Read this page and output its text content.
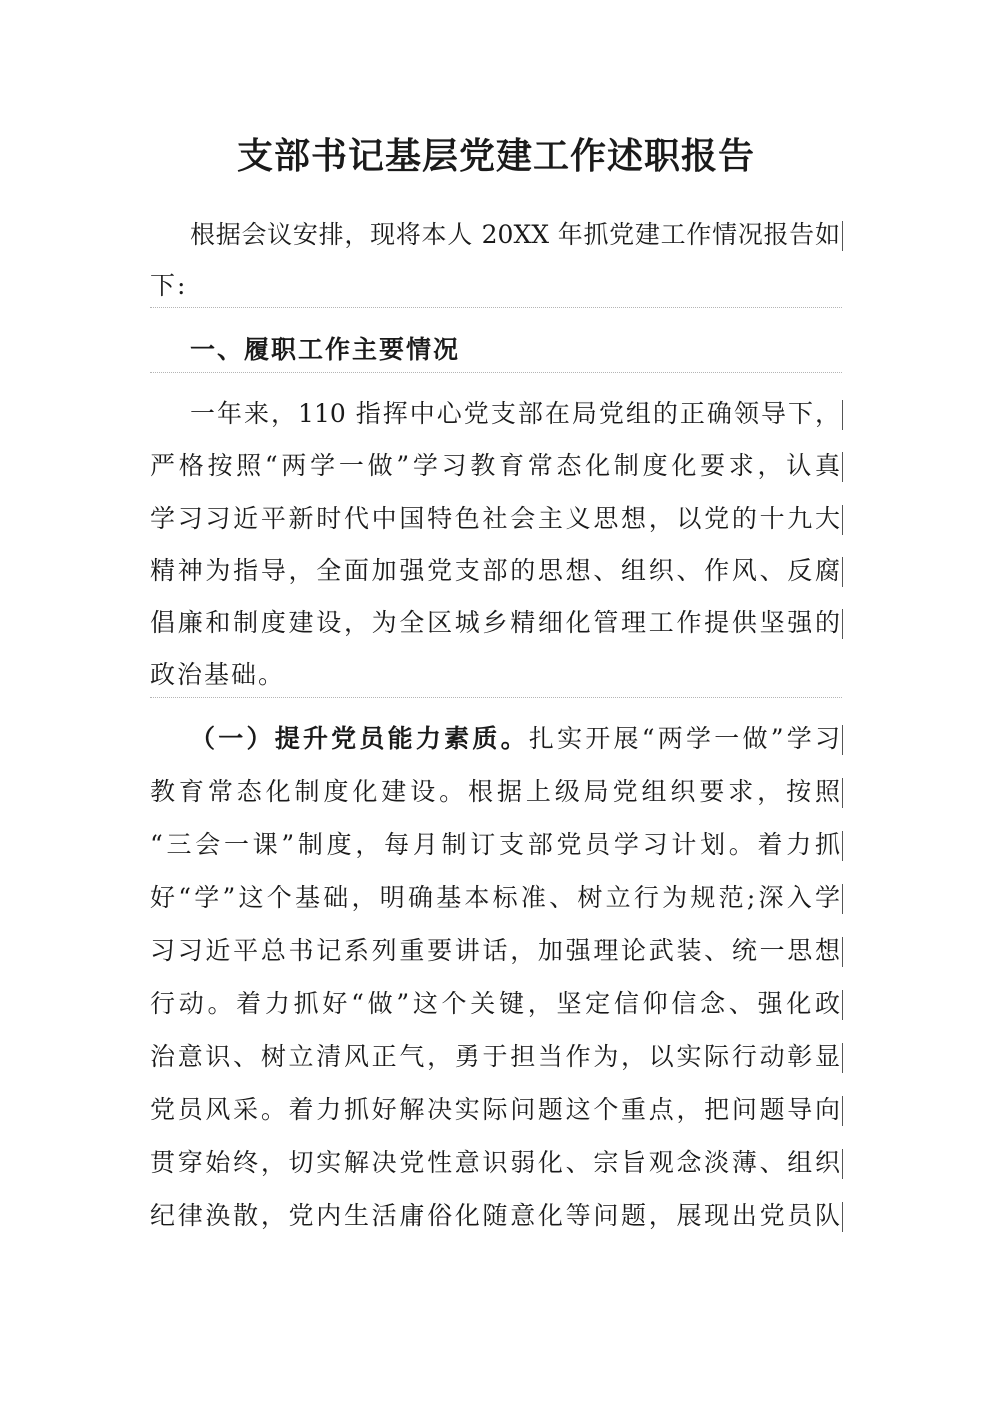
支部书记基层党建工作述职报告
根据会议安排，现将本人 20XX 年抓党建工作情况报告如
下:
一、履职工作主要情况
一年来，110 指挥中心党支部在局党组的正确领导下，
严格按照“两学一做”学习教育常态化制度化要求，认真
学习习近平新时代中国特色社会主义思想，以党的十九大
精神为指导，全面加强党支部的思想、组织、作风、反腐
倡廉和制度建设，为全区城乡精细化管理工作提供坚强的
政治基础。
（一）提升党员能力素质。扎实开展“两学一做”学习
教育常态化制度化建设。根据上级局党组织要求，按照
“三会一课”制度，每月制订支部党员学习计划。着力抓
好“学”这个基础，明确基本标准、树立行为规范;深入学
习习近平总书记系列重要讲话，加强理论武装、统一思想
行动。着力抓好“做”这个关键，坚定信仰信念、强化政
治意识、树立清风正气，勇于担当作为，以实际行动彰显
党员风采。着力抓好解决实际问题这个重点，把问题导向
贯穿始终，切实解决党性意识弱化、宗旨观念淡薄、组织
纪律涣散，党内生活庸俗化随意化等问题，展现出党员队
